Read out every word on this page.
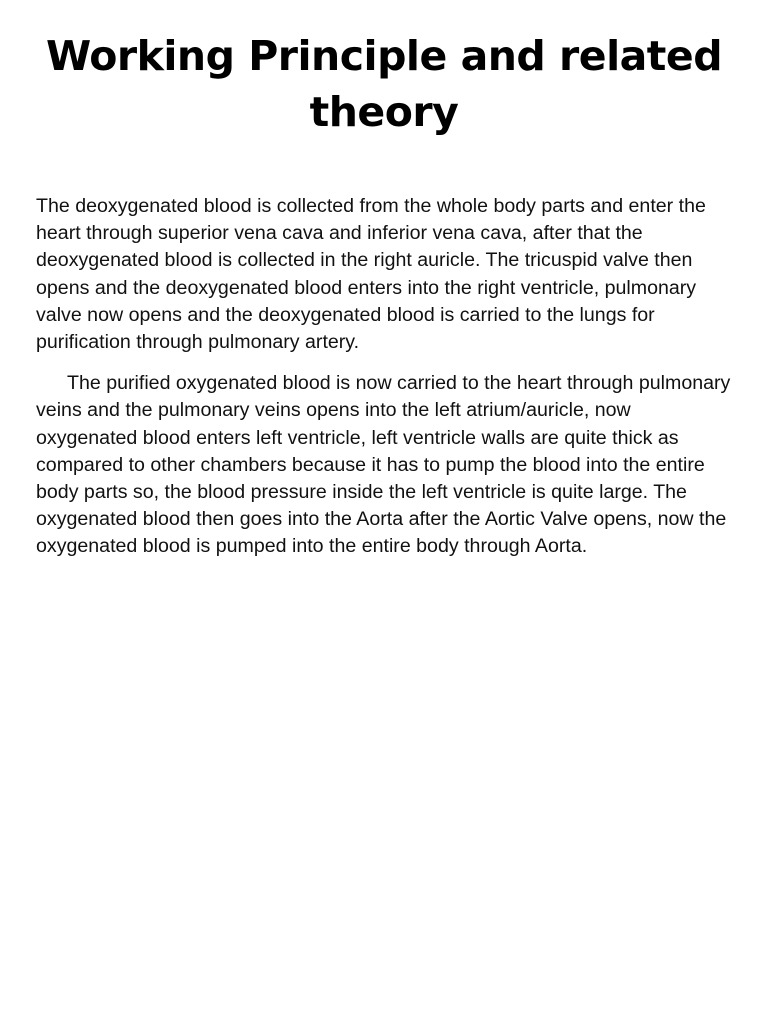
Working Principle and related theory

The deoxygenated blood is collected from the whole body parts and enter the heart through superior vena cava and inferior vena cava, after that the deoxygenated blood is collected in the right auricle. The tricuspid valve then opens and the deoxygenated blood enters into the right ventricle, pulmonary valve now opens and the deoxygenated blood is carried to the lungs for purification through pulmonary artery.

The purified oxygenated blood is now carried to the heart through pulmonary veins and the pulmonary veins opens into the left atrium/auricle, now oxygenated blood enters left ventricle, left ventricle walls are quite thick as compared to other chambers because it has to pump the blood into the entire body parts so, the blood pressure inside the left ventricle is quite large. The oxygenated blood then goes into the Aorta after the Aortic Valve opens, now the oxygenated blood is pumped into the entire body through Aorta.
